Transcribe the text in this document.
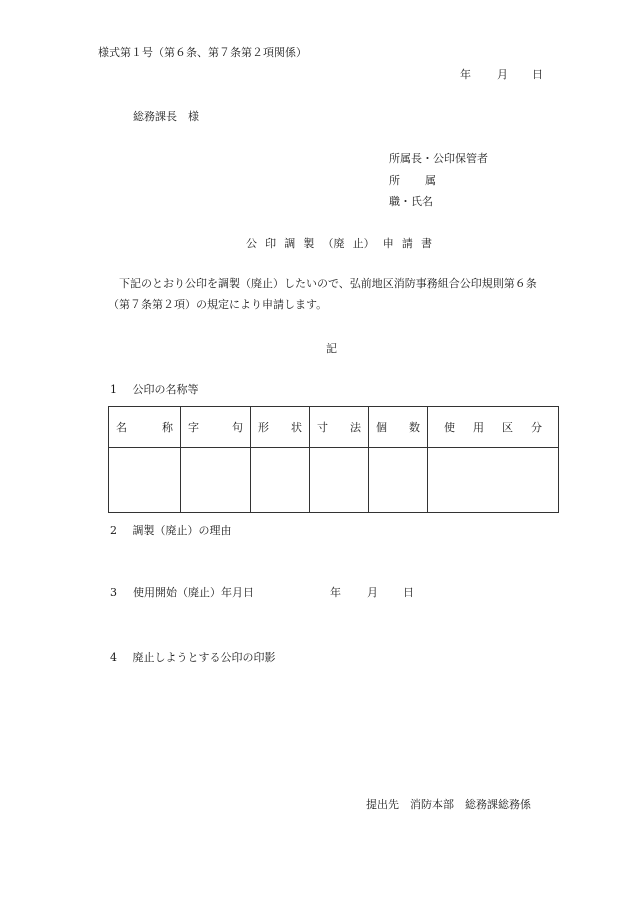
様式第１号（第６条、第７条第２項関係）
年 月 日
総務課長　様
所属長・公印保管者
所 属
職・氏名
公 印 調 製 （廃 止） 申 請 書
下記のとおり公印を調製（廃止）したいので、弘前地区消防事務組合公印規則第６条
（第７条第２項）の規定により申請します。
記
1 公印の名称等
名 称	字 句	形 状	寸 法	個 数	使 用 区 分

2 調製（廃止）の理由
3 使用開始（廃止）年月日	年 月 日
4 廃止しようとする公印の印影
提出先　消防本部　総務課総務係
